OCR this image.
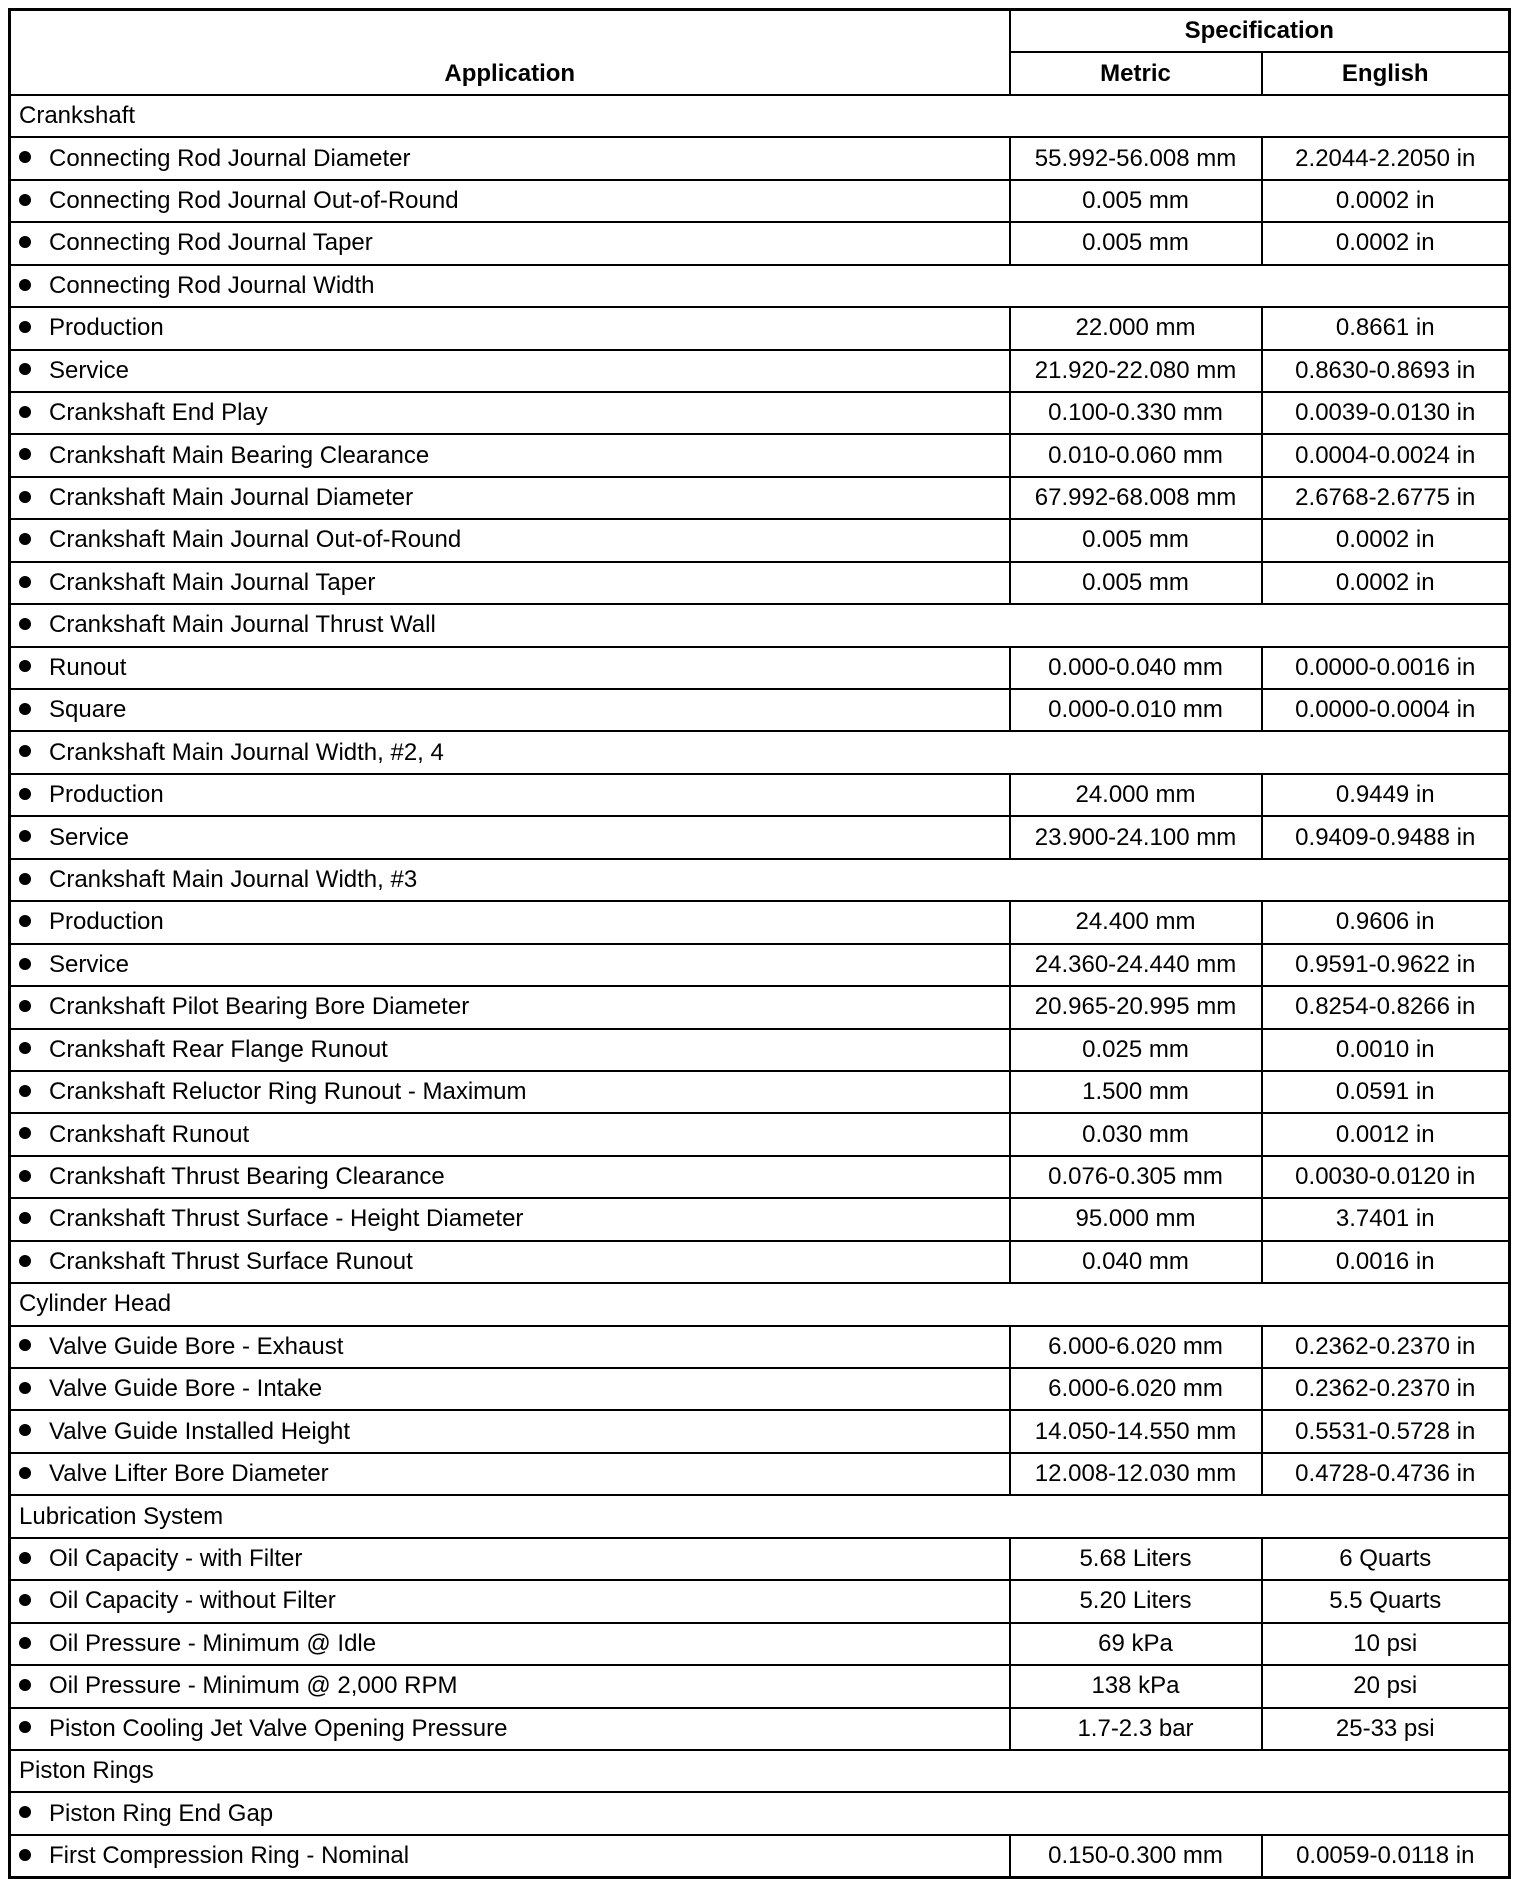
Application	Specification	
	Metric	English
Crankshaft		
Connecting Rod Journal Diameter	55.992-56.008 mm	2.2044-2.2050 in
Connecting Rod Journal Out-of-Round	0.005 mm	0.0002 in
Connecting Rod Journal Taper	0.005 mm	0.0002 in
Connecting Rod Journal Width		
Production	22.000 mm	0.8661 in
Service	21.920-22.080 mm	0.8630-0.8693 in
Crankshaft End Play	0.100-0.330 mm	0.0039-0.0130 in
Crankshaft Main Bearing Clearance	0.010-0.060 mm	0.0004-0.0024 in
Crankshaft Main Journal Diameter	67.992-68.008 mm	2.6768-2.6775 in
Crankshaft Main Journal Out-of-Round	0.005 mm	0.0002 in
Crankshaft Main Journal Taper	0.005 mm	0.0002 in
Crankshaft Main Journal Thrust Wall		
Runout	0.000-0.040 mm	0.0000-0.0016 in
Square	0.000-0.010 mm	0.0000-0.0004 in
Crankshaft Main Journal Width, #2, 4		
Production	24.000 mm	0.9449 in
Service	23.900-24.100 mm	0.9409-0.9488 in
Crankshaft Main Journal Width, #3		
Production	24.400 mm	0.9606 in
Service	24.360-24.440 mm	0.9591-0.9622 in
Crankshaft Pilot Bearing Bore Diameter	20.965-20.995 mm	0.8254-0.8266 in
Crankshaft Rear Flange Runout	0.025 mm	0.0010 in
Crankshaft Reluctor Ring Runout - Maximum	1.500 mm	0.0591 in
Crankshaft Runout	0.030 mm	0.0012 in
Crankshaft Thrust Bearing Clearance	0.076-0.305 mm	0.0030-0.0120 in
Crankshaft Thrust Surface - Height Diameter	95.000 mm	3.7401 in
Crankshaft Thrust Surface Runout	0.040 mm	0.0016 in
Cylinder Head		
Valve Guide Bore - Exhaust	6.000-6.020 mm	0.2362-0.2370 in
Valve Guide Bore - Intake	6.000-6.020 mm	0.2362-0.2370 in
Valve Guide Installed Height	14.050-14.550 mm	0.5531-0.5728 in
Valve Lifter Bore Diameter	12.008-12.030 mm	0.4728-0.4736 in
Lubrication System		
Oil Capacity - with Filter	5.68 Liters	6 Quarts
Oil Capacity - without Filter	5.20 Liters	5.5 Quarts
Oil Pressure - Minimum @ Idle	69 kPa	10 psi
Oil Pressure - Minimum @ 2,000 RPM	138 kPa	20 psi
Piston Cooling Jet Valve Opening Pressure	1.7-2.3 bar	25-33 psi
Piston Rings		
Piston Ring End Gap		
First Compression Ring - Nominal	0.150-0.300 mm	0.0059-0.0118 in
